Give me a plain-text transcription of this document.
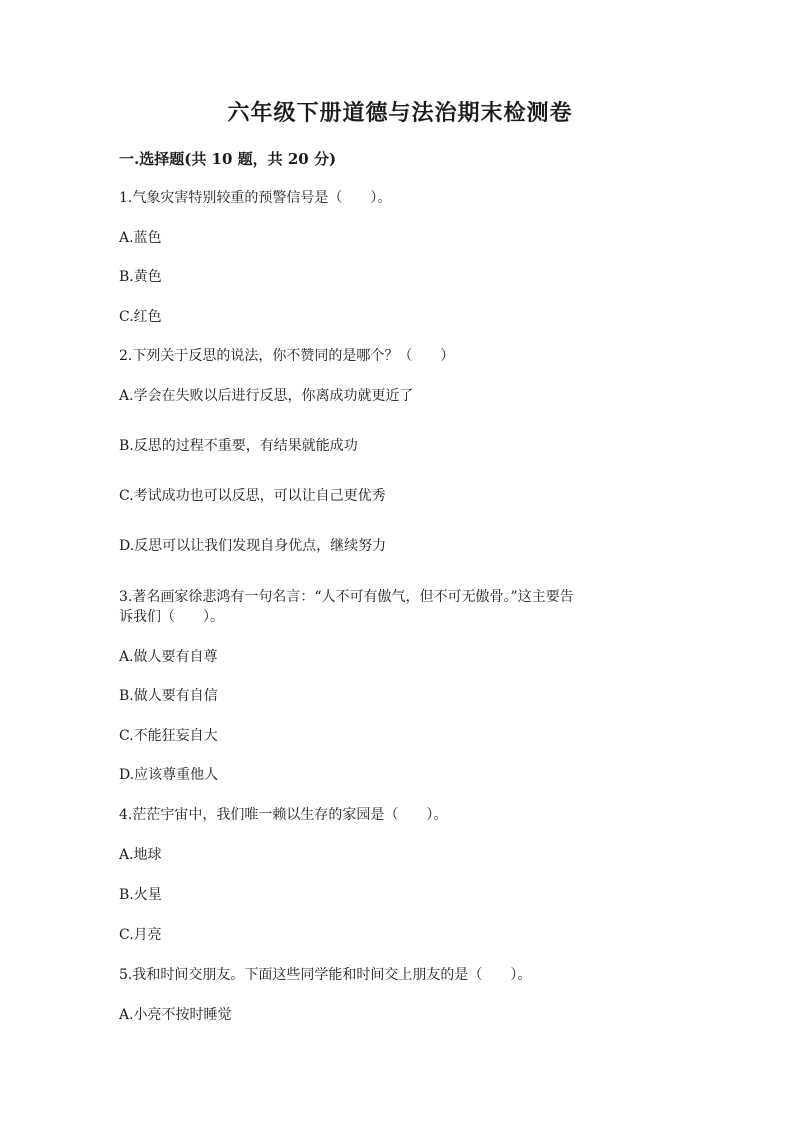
六年级下册道德与法治期末检测卷
一.选择题(共 10 题，共 20 分)
1.气象灾害特别较重的预警信号是（　　）。
A.蓝色
B.黄色
C.红色
2.下列关于反思的说法，你不赞同的是哪个？（　　）
A.学会在失败以后进行反思，你离成功就更近了
B.反思的过程不重要，有结果就能成功
C.考试成功也可以反思，可以让自己更优秀
D.反思可以让我们发现自身优点，继续努力
3.著名画家徐悲鸿有一句名言：“人不可有傲气，但不可无傲骨。”这主要告
诉我们（　　）。
A.做人要有自尊
B.做人要有自信
C.不能狂妄自大
D.应该尊重他人
4.茫茫宇宙中，我们唯一赖以生存的家园是（　　）。
A.地球
B.火星
C.月亮
5.我和时间交朋友。下面这些同学能和时间交上朋友的是（　　）。
A.小亮不按时睡觉
